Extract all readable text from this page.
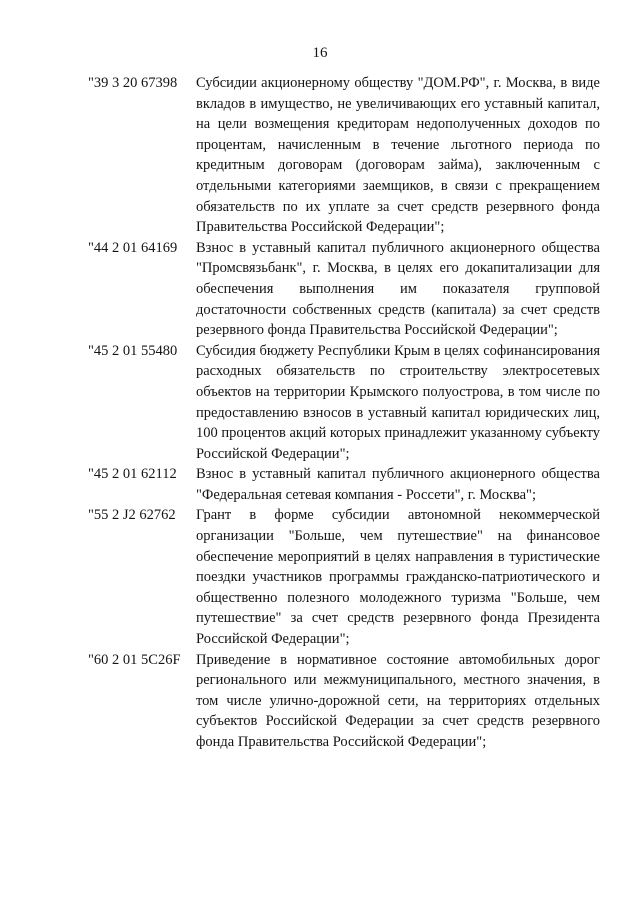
16
"39 3 20 67398	Субсидии акционерному обществу "ДОМ.РФ", г. Москва, в виде вкладов в имущество, не увеличивающих его уставный капитал, на цели возмещения кредиторам недополученных доходов по процентам, начисленным в течение льготного периода по кредитным договорам (договорам займа), заключенным с отдельными категориями заемщиков, в связи с прекращением обязательств по их уплате за счет средств резервного фонда Правительства Российской Федерации";
"44 2 01 64169	Взнос в уставный капитал публичного акционерного общества "Промсвязьбанк", г. Москва, в целях его докапитализации для обеспечения выполнения им показателя групповой достаточности собственных средств (капитала) за счет средств резервного фонда Правительства Российской Федерации";
"45 2 01 55480	Субсидия бюджету Республики Крым в целях софинансирования расходных обязательств по строительству электросетевых объектов на территории Крымского полуострова, в том числе по предоставлению взносов в уставный капитал юридических лиц, 100 процентов акций которых принадлежит указанному субъекту Российской Федерации";
"45 2 01 62112	Взнос в уставный капитал публичного акционерного общества "Федеральная сетевая компания - Россети", г. Москва";
"55 2 J2 62762	Грант в форме субсидии автономной некоммерческой организации "Больше, чем путешествие" на финансовое обеспечение мероприятий в целях направления в туристические поездки участников программы гражданско-патриотического и общественно полезного молодежного туризма "Больше, чем путешествие" за счет средств резервного фонда Президента Российской Федерации";
"60 2 01 5C26F	Приведение в нормативное состояние автомобильных дорог регионального или межмуниципального, местного значения, в том числе улично-дорожной сети, на территориях отдельных субъектов Российской Федерации за счет средств резервного фонда Правительства Российской Федерации";
